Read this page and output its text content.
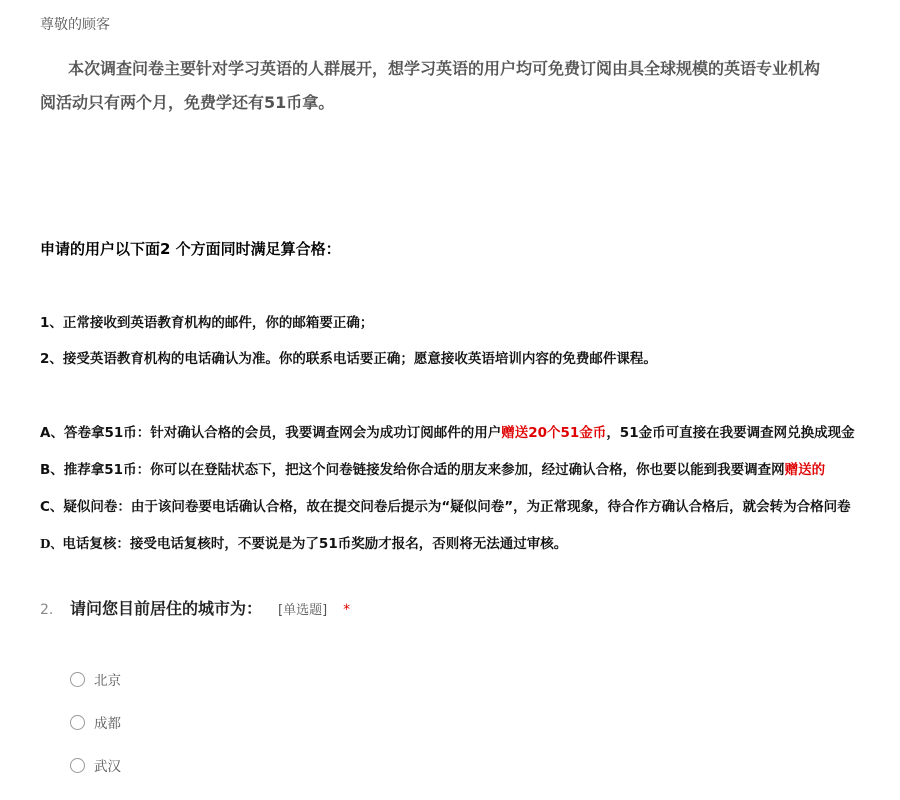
尊敬的顾客
本次调查问卷主要针对学习英语的人群展开，想学习英语的用户均可免费订阅由具全球规模的英语专业机构
阅活动只有两个月，免费学还有51币拿。
申请的用户以下面2 个方面同时满足算合格：
1、正常接收到英语教育机构的邮件，你的邮箱要正确；
2、接受英语教育机构的电话确认为准。你的联系电话要正确；愿意接收英语培训内容的免费邮件课程。
A、答卷拿51币：针对确认合格的会员，我要调查网会为成功订阅邮件的用户赠送20个51金币，51金币可直接在我要调查网兑换成现金
B、推荐拿51币：你可以在登陆状态下，把这个问卷链接发给你合适的朋友来参加，经过确认合格，你也要以能到我要调查网赠送的
C、疑似问卷：由于该问卷要电话确认合格，故在提交问卷后提示为“疑似问卷”，为正常现象，待合作方确认合格后，就会转为合格问卷
D、电话复核：接受电话复核时，不要说是为了51币奖励才报名，否则将无法通过审核。
2.	请问您目前居住的城市为： [单选题] *
北京
成都
武汉
